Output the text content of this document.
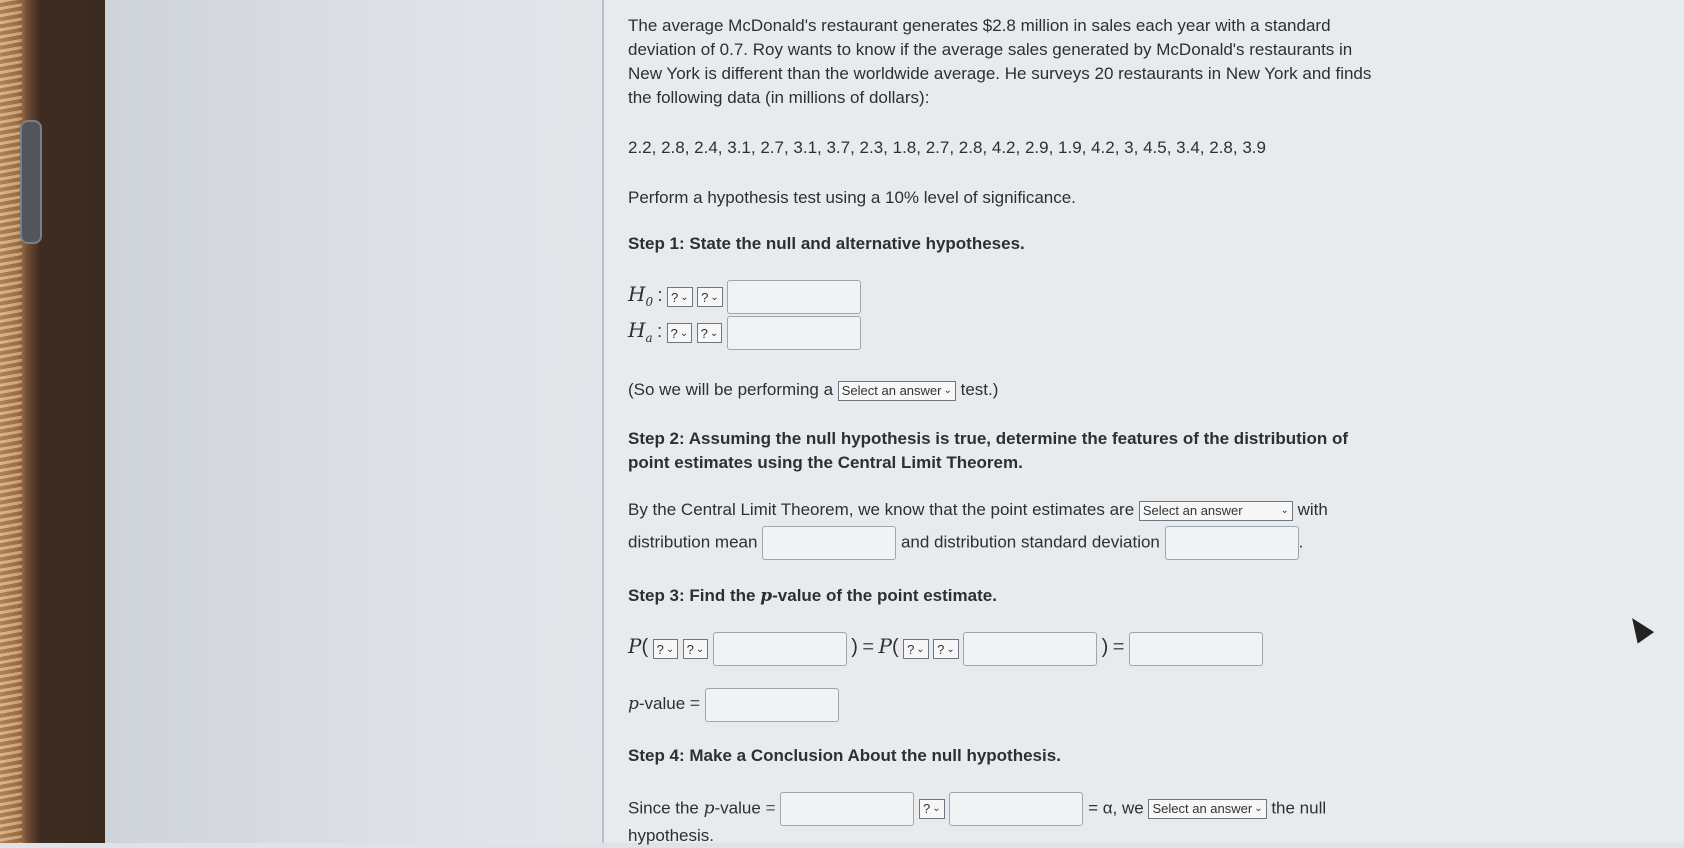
The average McDonald's restaurant generates $2.8 million in sales each year with a standard

deviation of 0.7. Roy wants to know if the average sales generated by McDonald's restaurants in

New York is different than the worldwide average. He surveys 20 restaurants in New York and finds

the following data (in millions of dollars):

2.2, 2.8, 2.4, 3.1, 2.7, 3.1, 3.7, 2.3, 1.8, 2.7, 2.8, 4.2, 2.9, 1.9, 4.2, 3, 4.5, 3.4, 2.8, 3.9

Perform a hypothesis test using a 10% level of significance.

Step 1: State the null and alternative hypotheses.

$H_0$ : ? ⌄
? ⌄

$H_a$ : ? ⌄
? ⌄

(So we will be performing a Select an answer ⌄ test.)

Step 2: Assuming the null hypothesis is true, determine the features of the distribution of

point estimates using the Central Limit Theorem.

By the Central Limit Theorem, we know that the point estimates are Select an answer	⌄ with
distribution mean	and distribution standard deviation	.

Step 3: Find the p-value of the point estimate.

P( ? ⌄
? ⌄	) = P( ? ⌄
? ⌄	) =
p-value =

Step 4: Make a Conclusion About the null hypothesis.

Since the p-value =	? ⌄	= α, we Select an answer ⌄ the null

hypothesis.
